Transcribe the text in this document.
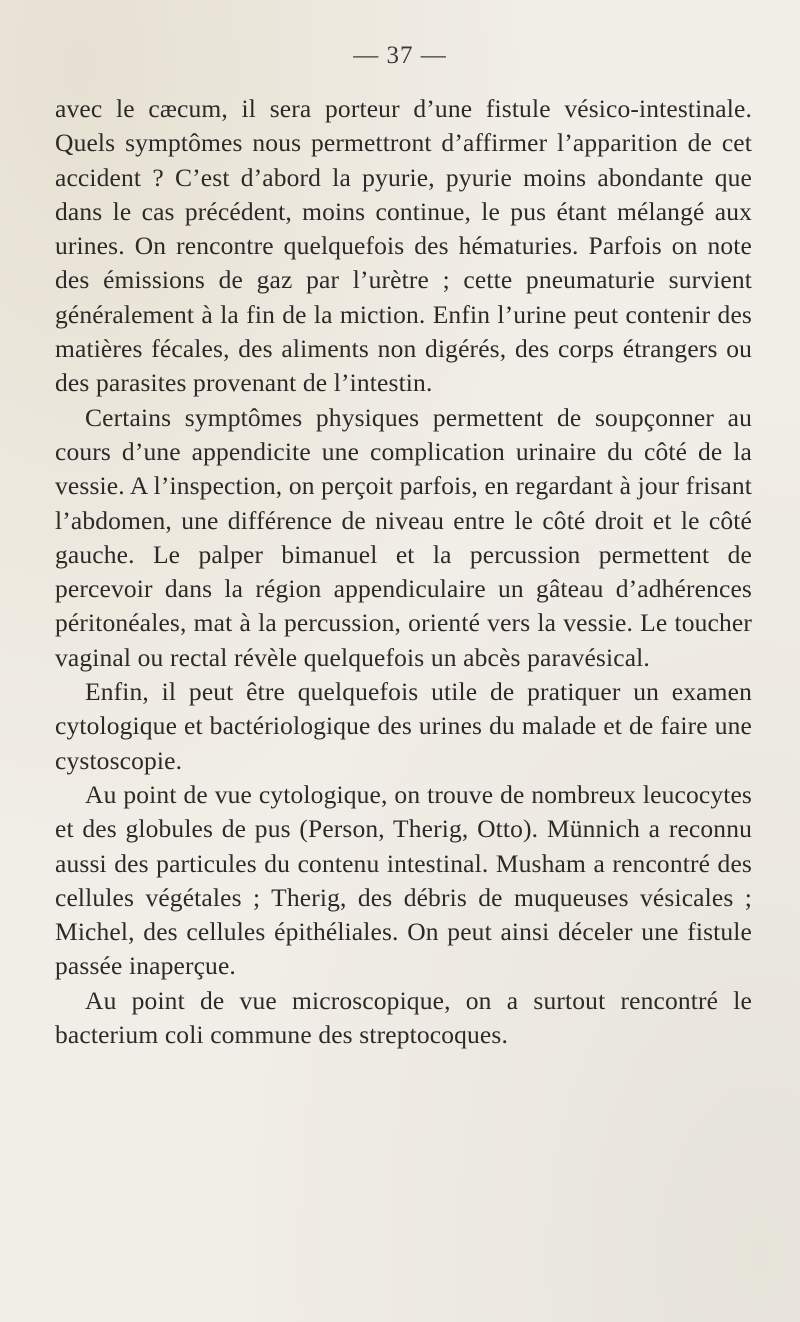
— 37 —

avec le cæcum, il sera porteur d’une fistule vésico-intestinale. Quels symptômes nous permettront d’affirmer l’apparition de cet accident ? C’est d’abord la pyurie, pyurie moins abondante que dans le cas précédent, moins continue, le pus étant mélangé aux urines. On rencontre quelquefois des hématuries. Parfois on note des émissions de gaz par l’urètre ; cette pneumaturie survient généralement à la fin de la miction. Enfin l’urine peut contenir des matières fécales, des aliments non digérés, des corps étrangers ou des parasites provenant de l’intestin.

Certains symptômes physiques permettent de soupçonner au cours d’une appendicite une complication urinaire du côté de la vessie. A l’inspection, on perçoit parfois, en regardant à jour frisant l’abdomen, une différence de niveau entre le côté droit et le côté gauche. Le palper bimanuel et la percussion permettent de percevoir dans la région appendiculaire un gâteau d’adhérences péritonéales, mat à la percussion, orienté vers la vessie. Le toucher vaginal ou rectal révèle quelquefois un abcès paravésical.

Enfin, il peut être quelquefois utile de pratiquer un examen cytologique et bactériologique des urines du malade et de faire une cystoscopie.

Au point de vue cytologique, on trouve de nombreux leucocytes et des globules de pus (Person, Therig, Otto). Münnich a reconnu aussi des particules du contenu intestinal. Musham a rencontré des cellules végétales ; Therig, des débris de muqueuses vésicales ; Michel, des cellules épithéliales. On peut ainsi déceler une fistule passée inaperçue.

Au point de vue microscopique, on a surtout rencontré le bacterium coli commune des streptocoques.
